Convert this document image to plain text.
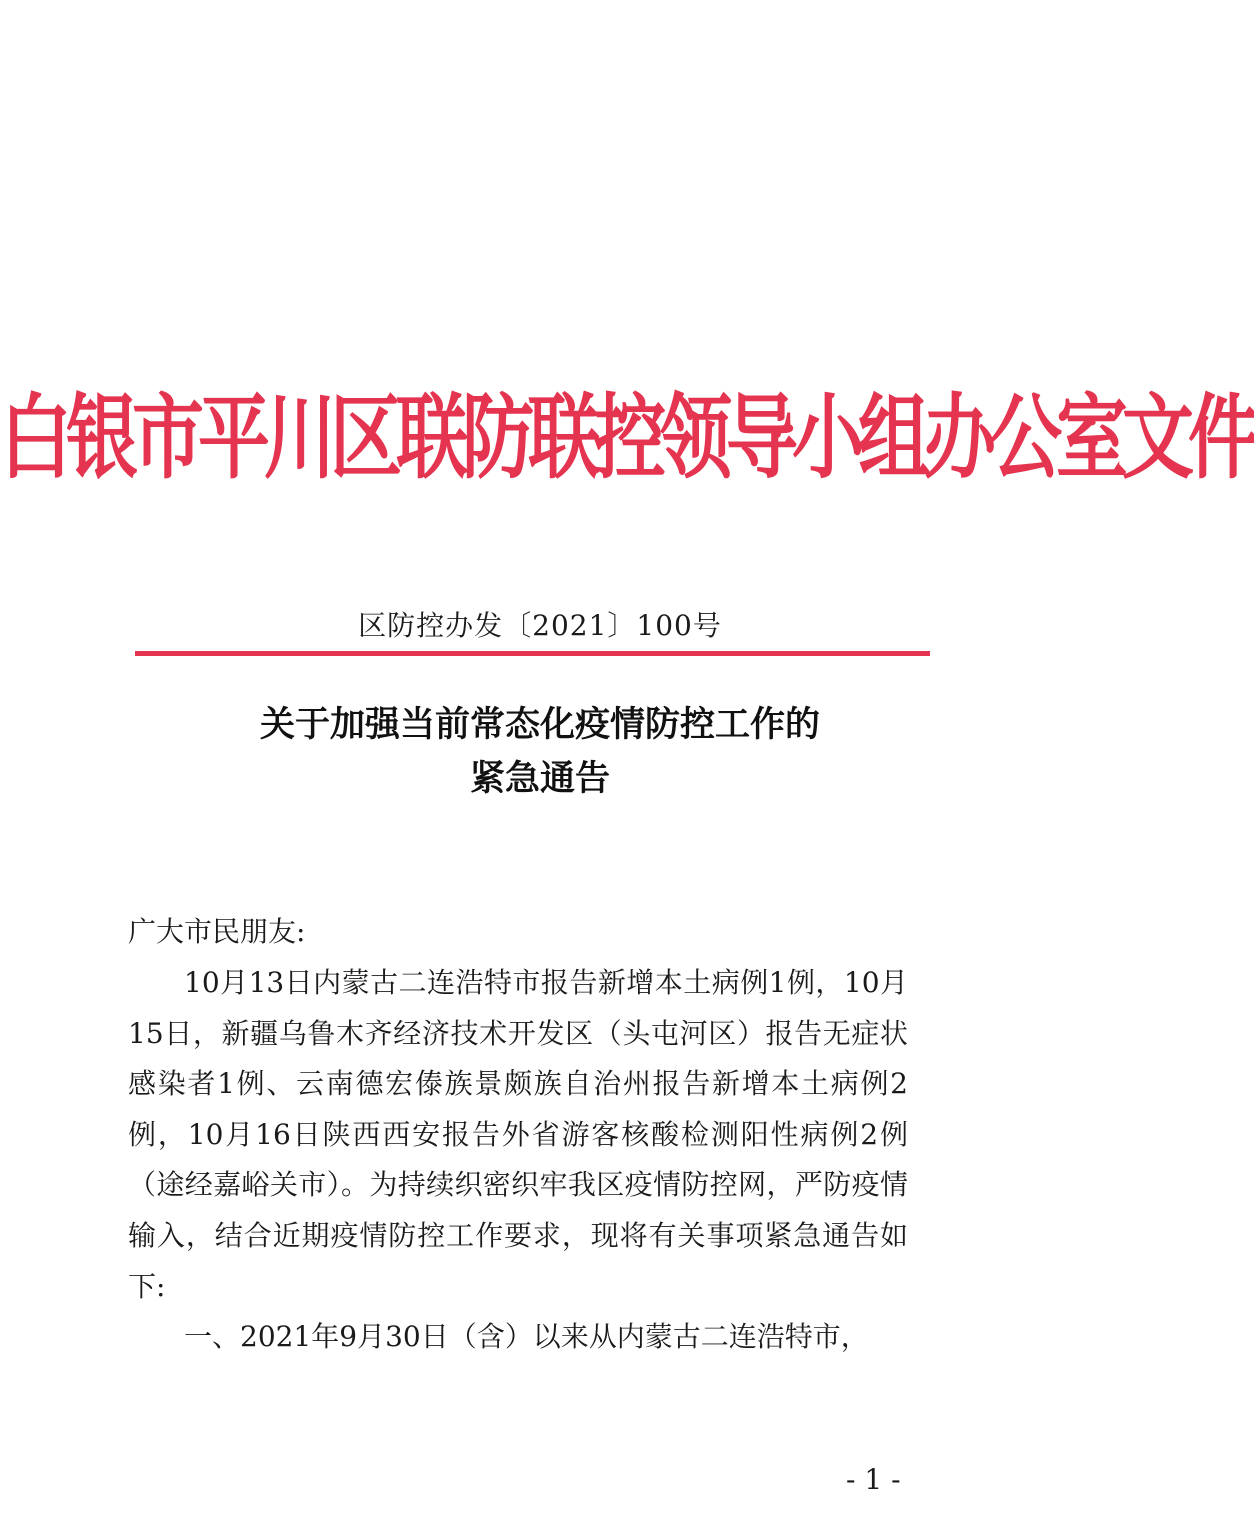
白银市平川区联防联控领导小组办公室文件
区防控办发〔2021〕100号
关于加强当前常态化疫情防控工作的
紧急通告
广大市民朋友:

10月13日内蒙古二连浩特市报告新增本土病例1例，10月15日，新疆乌鲁木齐经济技术开发区（头屯河区）报告无症状感染者1例、云南德宏傣族景颇族自治州报告新增本土病例2例，10月16日陕西西安报告外省游客核酸检测阳性病例2例（途经嘉峪关市）。为持续织密织牢我区疫情防控网，严防疫情输入，结合近期疫情防控工作要求，现将有关事项紧急通告如下:

一、2021年9月30日（含）以来从内蒙古二连浩特市，

- 1 -
